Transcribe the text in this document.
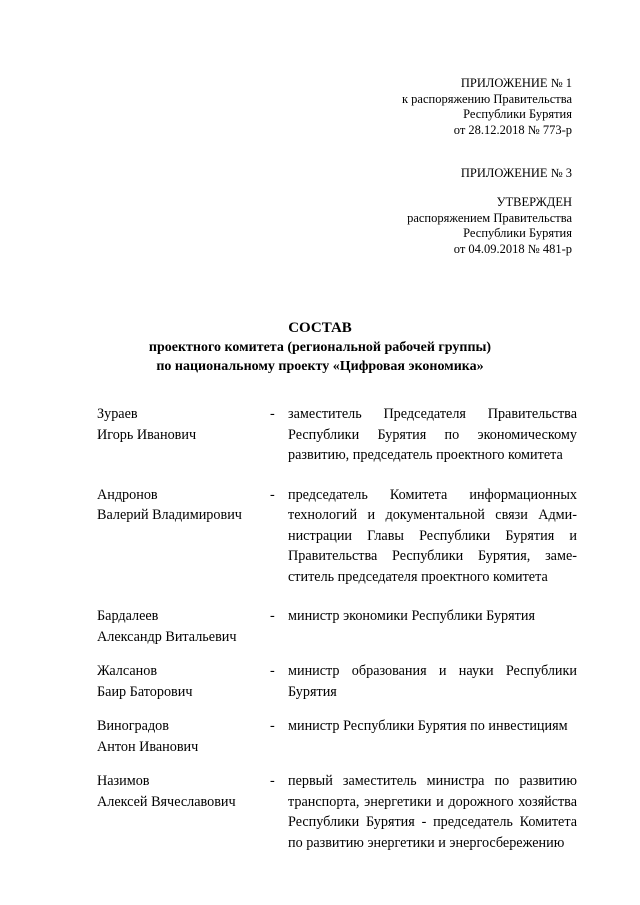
ПРИЛОЖЕНИЕ № 1
к распоряжению Правительства
Республики Бурятия
от 28.12.2018 № 773-р
ПРИЛОЖЕНИЕ № 3
УТВЕРЖДЕН
распоряжением Правительства
Республики Бурятия
от 04.09.2018 № 481-р
СОСТАВ
проектного комитета (региональной рабочей группы)
по национальному проекту «Цифровая экономика»
Зураев
Игорь Иванович
- заместитель Председателя Правительства Республики Бурятия по экономическому развитию, председатель проектного комитета
Андронов
Валерий Владимирович
- председатель Комитета информационных технологий и документальной связи Администрации Главы Республики Бурятия и Правительства Республики Бурятия, заместитель председателя проектного комитета
Бардалеев
Александр Витальевич
- министр экономики Республики Бурятия
Жалсанов
Баир Баторович
- министр образования и науки Республики Бурятия
Виноградов
Антон Иванович
- министр Республики Бурятия по инвестициям
Назимов
Алексей Вячеславович
- первый заместитель министра по развитию транспорта, энергетики и дорожного хозяйства Республики Бурятия - председатель Комитета по развитию энергетики и энергосбережению
